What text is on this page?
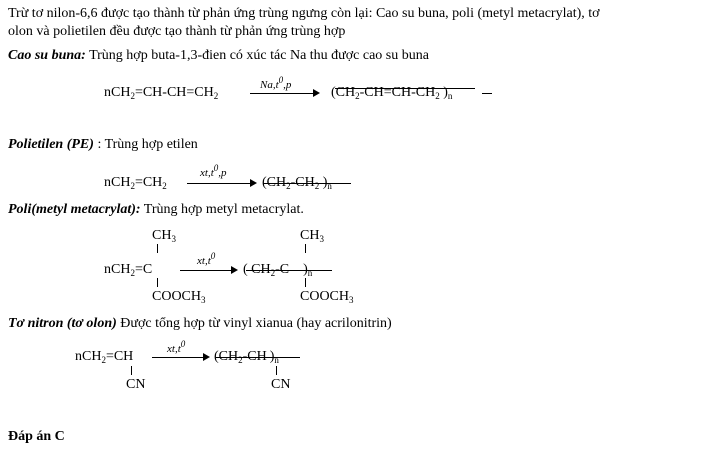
Trừ tơ nilon-6,6 được tạo thành từ phản ứng trùng ngưng còn lại: Cao su buna, poli (metyl metacrylat), tơ
olon và polietilen đều được tạo thành từ phản ứng trùng hợp
Cao su buna: Trùng hợp buta-1,3-đien có xúc tác Na thu được cao su buna
$nCH_2=CH-CH=CH_2$
$Na,t^0,p$	($CH_2-CH=CH-CH_2$ )$_n$
Polietilen (PE) : Trùng hợp etilen
$nCH_2=CH_2$
$xt,t^0,p$
($CH_2-CH_2$ )$_n$
Poli(metyl metacrylat): Trùng hợp metyl metacrylat.
$CH_3$
nCH$_2$=C
$COOCH_3$
$xt,t^0$
( $CH_2-C$ )$_n$
$CH_3$
$COOCH_3$
Tơ nitron (tơ olon) Được tổng hợp từ vinyl xianua (hay acrilonitrin)
nCH$_2$=CH
CN
$xt,t^0$
($CH_2-CH$ )$_n$
CN
Đáp án C
